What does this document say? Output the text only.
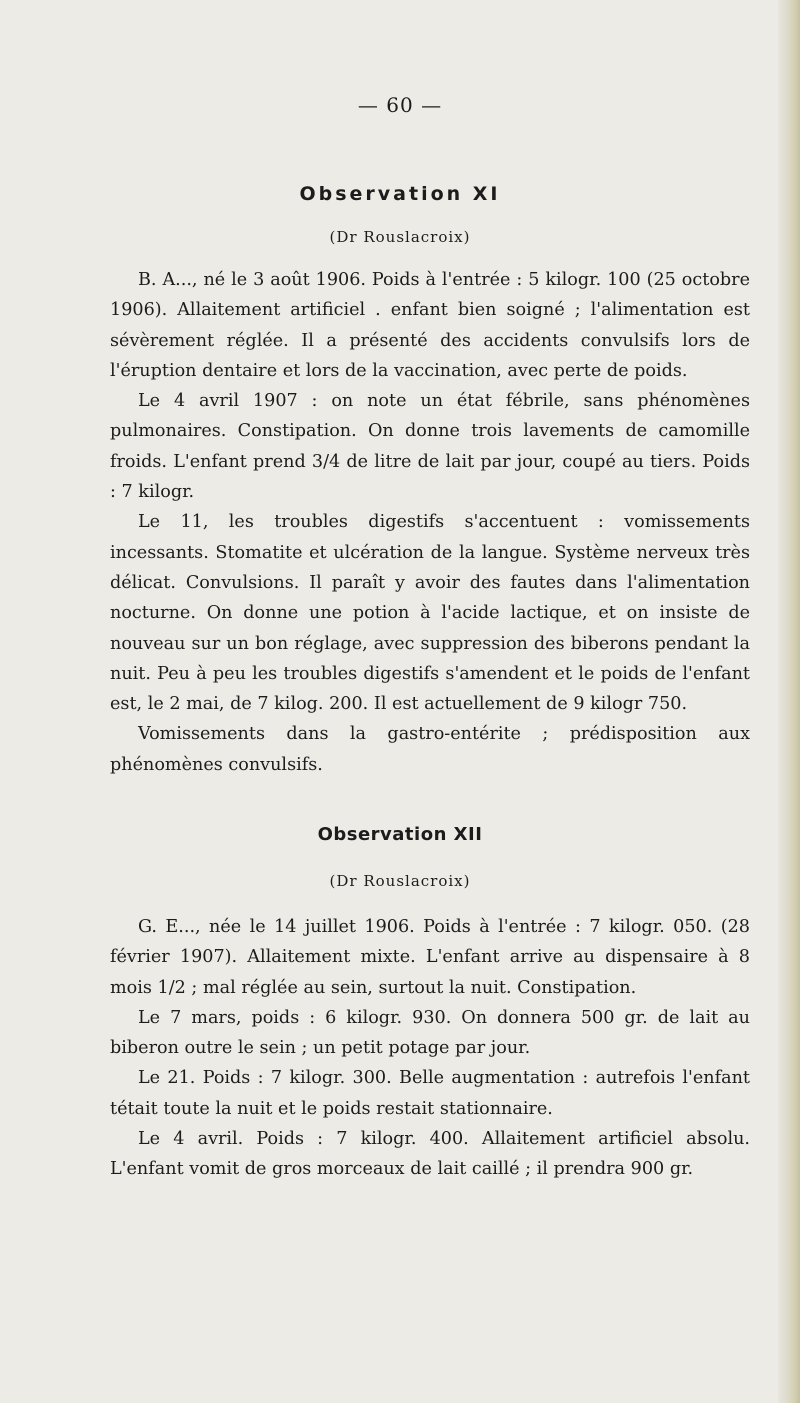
— 60 —
Observation XI
(Dr Rouslacroix)

B. A..., né le 3 août 1906. Poids à l'entrée : 5 kilogr. 100 (25 octobre 1906). Allaitement artificiel . enfant bien soigné ; l'alimentation est sévèrement réglée. Il a présenté des accidents convulsifs lors de l'éruption dentaire et lors de la vaccination, avec perte de poids.

Le 4 avril 1907 : on note un état fébrile, sans phénomènes pulmonaires. Constipation. On donne trois lavements de camomille froids. L'enfant prend 3/4 de litre de lait par jour, coupé au tiers. Poids : 7 kilogr.

Le 11, les troubles digestifs s'accentuent : vomissements incessants. Stomatite et ulcération de la langue. Système nerveux très délicat. Convulsions. Il paraît y avoir des fautes dans l'alimentation nocturne. On donne une potion à l'acide lactique, et on insiste de nouveau sur un bon réglage, avec suppression des biberons pendant la nuit. Peu à peu les troubles digestifs s'amendent et le poids de l'enfant est, le 2 mai, de 7 kilog. 200. Il est actuellement de 9 kilogr 750.

Vomissements dans la gastro-entérite ; prédisposition aux phénomènes convulsifs.

Observation XII
(Dr Rouslacroix)

G. E..., née le 14 juillet 1906. Poids à l'entrée : 7 kilogr. 050. (28 février 1907). Allaitement mixte. L'enfant arrive au dispensaire à 8 mois 1/2 ; mal réglée au sein, surtout la nuit. Constipation.

Le 7 mars, poids : 6 kilogr. 930. On donnera 500 gr. de lait au biberon outre le sein ; un petit potage par jour.

Le 21. Poids : 7 kilogr. 300. Belle augmentation : autrefois l'enfant tétait toute la nuit et le poids restait stationnaire.

Le 4 avril. Poids : 7 kilogr. 400. Allaitement artificiel absolu. L'enfant vomit de gros morceaux de lait caillé ; il prendra 900 gr.
